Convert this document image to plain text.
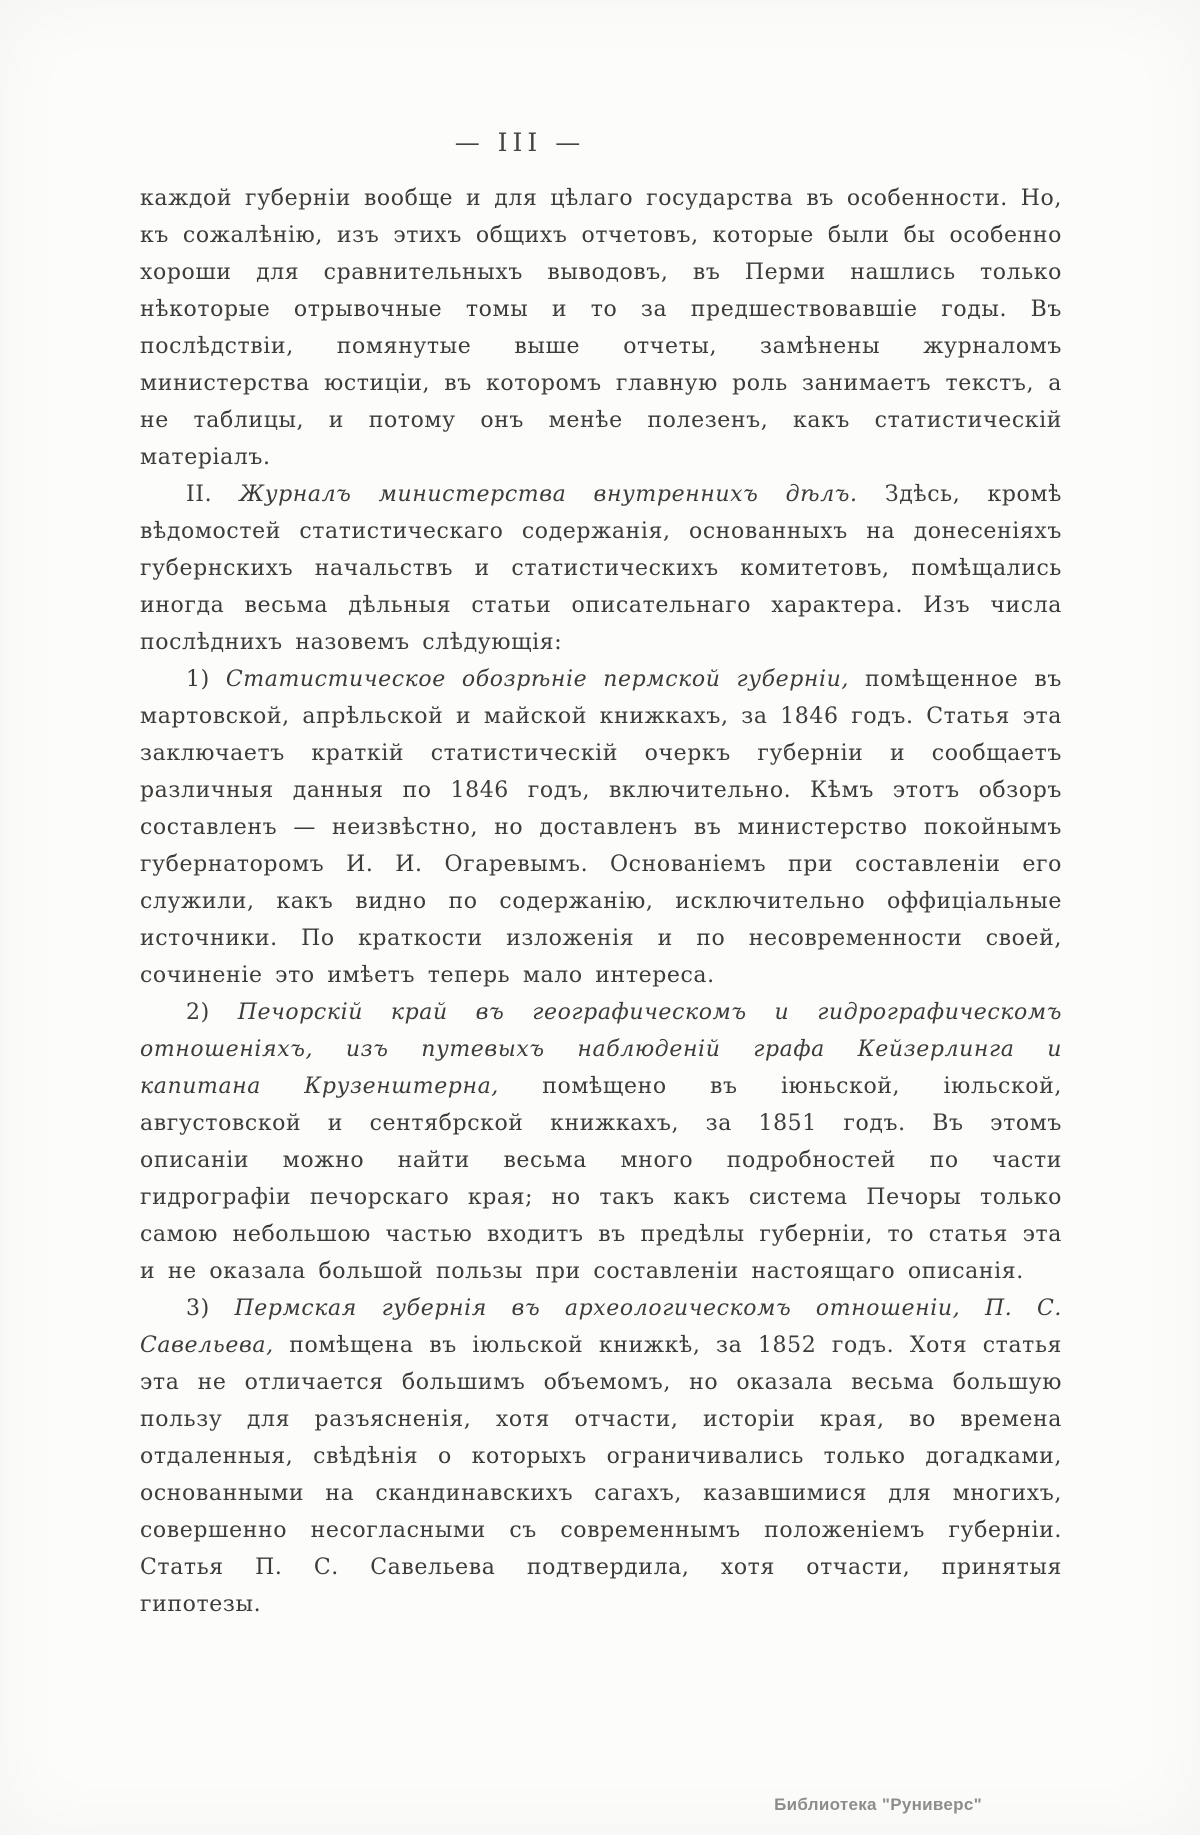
— III —

каждой губерніи вообще и для цѣлаго государства въ особенности. Но, къ сожалѣнію, изъ этихъ общихъ отчетовъ, которые были бы особенно хороши для сравнительныхъ выводовъ, въ Перми нашлись только нѣкоторые отрывочные томы и то за предшествовавшіе годы. Въ послѣдствіи, помянутые выше отчеты, замѣнены журналомъ министерства юстиціи, въ которомъ главную роль занимаетъ текстъ, а не таблицы, и потому онъ менѣе полезенъ, какъ статистическій матеріалъ.

II. Журналъ министерства внутреннихъ дѣлъ. Здѣсь, кромѣ вѣдомостей статистическаго содержанія, основанныхъ на донесеніяхъ губернскихъ начальствъ и статистическихъ комитетовъ, помѣщались иногда весьма дѣльныя статьи описательнаго характера. Изъ числа послѣднихъ назовемъ слѣдующія:

1) Статистическое обозрѣніе пермской губерніи, помѣщенное въ мартовской, апрѣльской и майской книжкахъ, за 1846 годъ. Статья эта заключаетъ краткій статистическій очеркъ губерніи и сообщаетъ различныя данныя по 1846 годъ, включительно. Кѣмъ этотъ обзоръ составленъ — неизвѣстно, но доставленъ въ министерство покойнымъ губернаторомъ И. И. Огаревымъ. Основаніемъ при составленіи его служили, какъ видно по содержанію, исключительно оффиціальные источники. По краткости изложенія и по несовременности своей, сочиненіе это имѣетъ теперь мало интереса.

2) Печорскій край въ географическомъ и гидрографическомъ отношеніяхъ, изъ путевыхъ наблюденій графа Кейзерлинга и капитана Крузенштерна, помѣщено въ іюньской, іюльской, августовской и сентябрской книжкахъ, за 1851 годъ. Въ этомъ описаніи можно найти весьма много подробностей по части гидрографіи печорскаго края; но такъ какъ система Печоры только самою небольшою частью входитъ въ предѣлы губерніи, то статья эта и не оказала большой пользы при составленіи настоящаго описанія.

3) Пермская губернія въ археологическомъ отношеніи, П. С. Савельева, помѣщена въ іюльской книжкѣ, за 1852 годъ. Хотя статья эта не отличается большимъ объемомъ, но оказала весьма большую пользу для разъясненія, хотя отчасти, исторіи края, во времена отдаленныя, свѣдѣнія о которыхъ ограничивались только догадками, основанными на скандинавскихъ сагахъ, казавшимися для многихъ, совершенно несогласными съ современнымъ положеніемъ губерніи. Статья П. С. Савельева подтвердила, хотя отчасти, принятыя гипотезы.

Библиотека "Руниверс"
